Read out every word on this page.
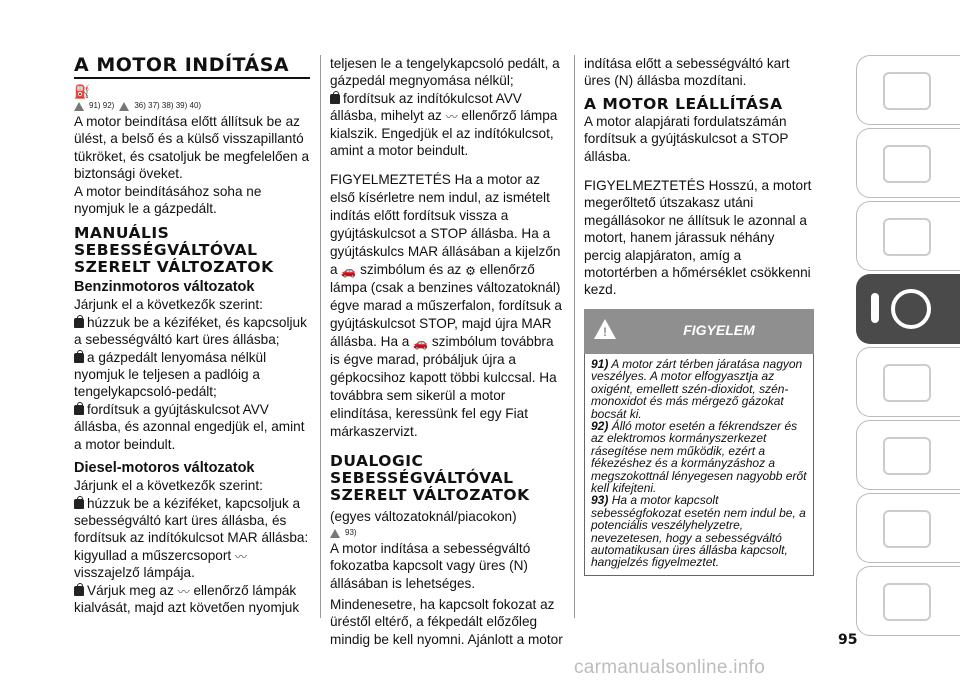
A MOTOR INDÍTÁSA
⛽
91) 92)	36) 37) 38) 39) 40)
A motor beindítása előtt állítsuk be az ülést, a belső és a külső visszapillantó tükröket, és csatoljuk be megfelelően a biztonsági öveket.
A motor beindításához soha ne nyomjuk le a gázpedált.
MANUÁLIS SEBESSÉGVÁLTÓVAL SZERELT VÁLTOZATOK
Benzinmotoros változatok
Járjunk el a következők szerint:
húzzuk be a kéziféket, és kapcsoljuk a sebességváltó kart üres állásba;
a gázpedált lenyomása nélkül nyomjuk le teljesen a padlóig a tengelykapcsoló-pedált;
fordítsuk a gyújtáskulcsot AVV állásba, és azonnal engedjük el, amint a motor beindult.
Diesel-motoros változatok
Járjunk el a következők szerint:
húzzuk be a kéziféket, kapcsoljuk a sebességváltó kart üres állásba, és fordítsuk az indítókulcsot MAR állásba: kigyullad a műszercsoport 〰
visszajelző lámpája.
Várjuk meg az 〰 ellenőrző lámpák kialvását, majd azt követően nyomjuk
teljesen le a tengelykapcsoló pedált, a gázpedál megnyomása nélkül;
fordítsuk az indítókulcsot AVV állásba, mihelyt az 〰 ellenőrző lámpa kialszik. Engedjük el az indítókulcsot, amint a motor beindult.
FIGYELMEZTETÉS Ha a motor az első kísérletre nem indul, az ismételt indítás előtt fordítsuk vissza a gyújtáskulcsot a STOP állásba. Ha a gyújtáskulcs MAR állásában a kijelzőn a 🚗 szimbólum és az ⚙ ellenőrző lámpa (csak a benzines változatoknál) égve marad a műszerfalon, fordítsuk a gyújtáskulcsot STOP, majd újra MAR állásba. Ha a 🚗 szimbólum továbbra is égve marad, próbáljuk újra a gépkocsihoz kapott többi kulccsal. Ha továbbra sem sikerül a motor elindítása, keressünk fel egy Fiat márkaszervizt.
DUALOGIC SEBESSÉGVÁLTÓVAL SZERELT VÁLTOZATOK
(egyes változatoknál/piacokon)
93)
A motor indítása a sebességváltó fokozatba kapcsolt vagy üres (N) állásában is lehetséges.
Mindenesetre, ha kapcsolt fokozat az üréstől eltérő, a fékpedált előzőleg mindig be kell nyomni. Ajánlott a motor
indítása előtt a sebességváltó kart üres (N) állásba mozdítani.
A MOTOR LEÁLLÍTÁSA
A motor alapjárati fordulatszámán fordítsuk a gyújtáskulcsot a STOP állásba.
FIGYELMEZTETÉS Hosszú, a motort megerőltető útszakasz utáni megállásokor ne állítsuk le azonnal a motort, hanem járassuk néhány percig alapjáraton, amíg a motortérben a hőmérséklet csökkenni kezd.
!	FIGYELEM
91) A motor zárt térben járatása nagyon veszélyes. A motor elfogyasztja az oxigént, emellett szén-dioxidot, szén-monoxidot és más mérgező gázokat bocsát ki.
92) Álló motor esetén a fékrendszer és az elektromos kormányszerkezet rásegítése nem működik, ezért a fékezéshez és a kormányzáshoz a megszokottnál lényegesen nagyobb erőt kell kifejteni.
93) Ha a motor kapcsolt sebességfokozat esetén nem indul be, a potenciális veszélyhelyzetre, nevezetesen, hogy a sebességváltó automatikusan üres állásba kapcsolt, hangjelzés figyelmeztet.
95
carmanualsonline.info
